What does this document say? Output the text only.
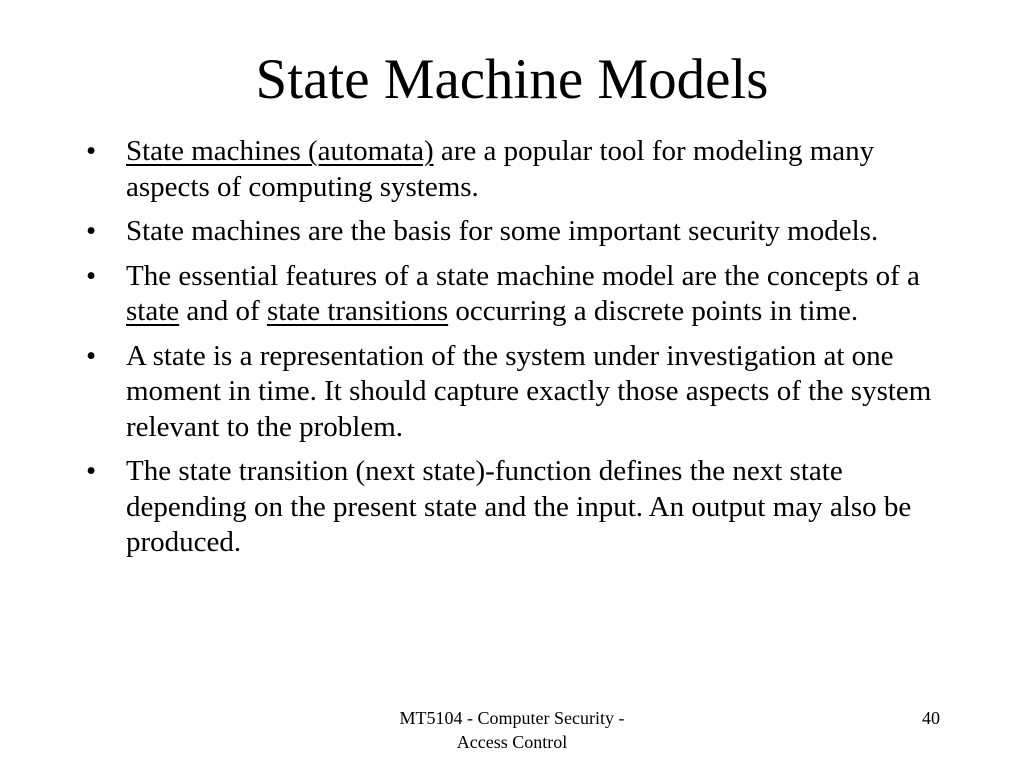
State Machine Models
• State machines (automata) are a popular tool for modeling many aspects of computing systems.
• State machines are the basis for some important security models.
• The essential features of a state machine model are the concepts of a state and of state transitions occurring a discrete points in time.
• A state is a representation of the system under investigation at one moment in time. It should capture exactly those aspects of the system relevant to the problem.
• The state transition (next state)-function defines the next state depending on the present state and the input. An output may also be produced.
MT5104 - Computer Security -
Access Control
40
